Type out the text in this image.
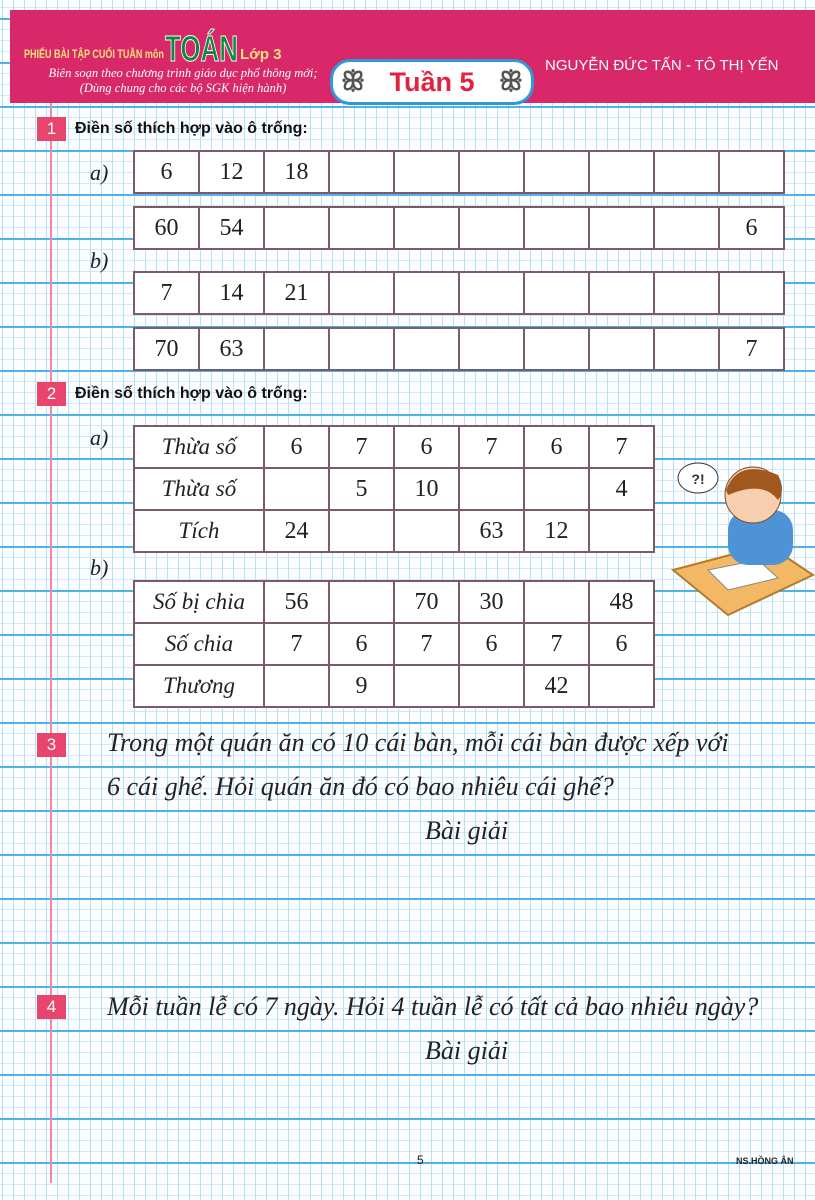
PHIẾU BÀI TẬP CUỐI TUẦN môn TOÁN Lớp 3
Biên soạn theo chương trình giáo dục phổ thông mới;
(Dùng chung cho các bộ SGK hiện hành)	ꕥ Tuần 5 ꕥ
NGUYỄN ĐỨC TẤN - TÔ THỊ YẾN
1	Điền số thích hợp vào ô trống:
a)
b)
6	12	18							
60	54								6
7	14	21							
70	63								7
2	Điền số thích hợp vào ô trống:
a)
b)
Thừa số	6	7	6	7	6	7
Thừa số		5	10			4
Tích	24			63	12	
Số bị chia	56		70	30		48
Số chia	7	6	7	6	7	6
Thương		9			42	
?!
3	Trong một quán ăn có 10 cái bàn, mỗi cái bàn được xếp với
6 cái ghế. Hỏi quán ăn đó có bao nhiêu cái ghế?
Bài giải
4	Mỗi tuần lễ có 7 ngày. Hỏi 4 tuần lễ có tất cả bao nhiêu ngày?
Bài giải
5	NS.HỒNG ÂN
